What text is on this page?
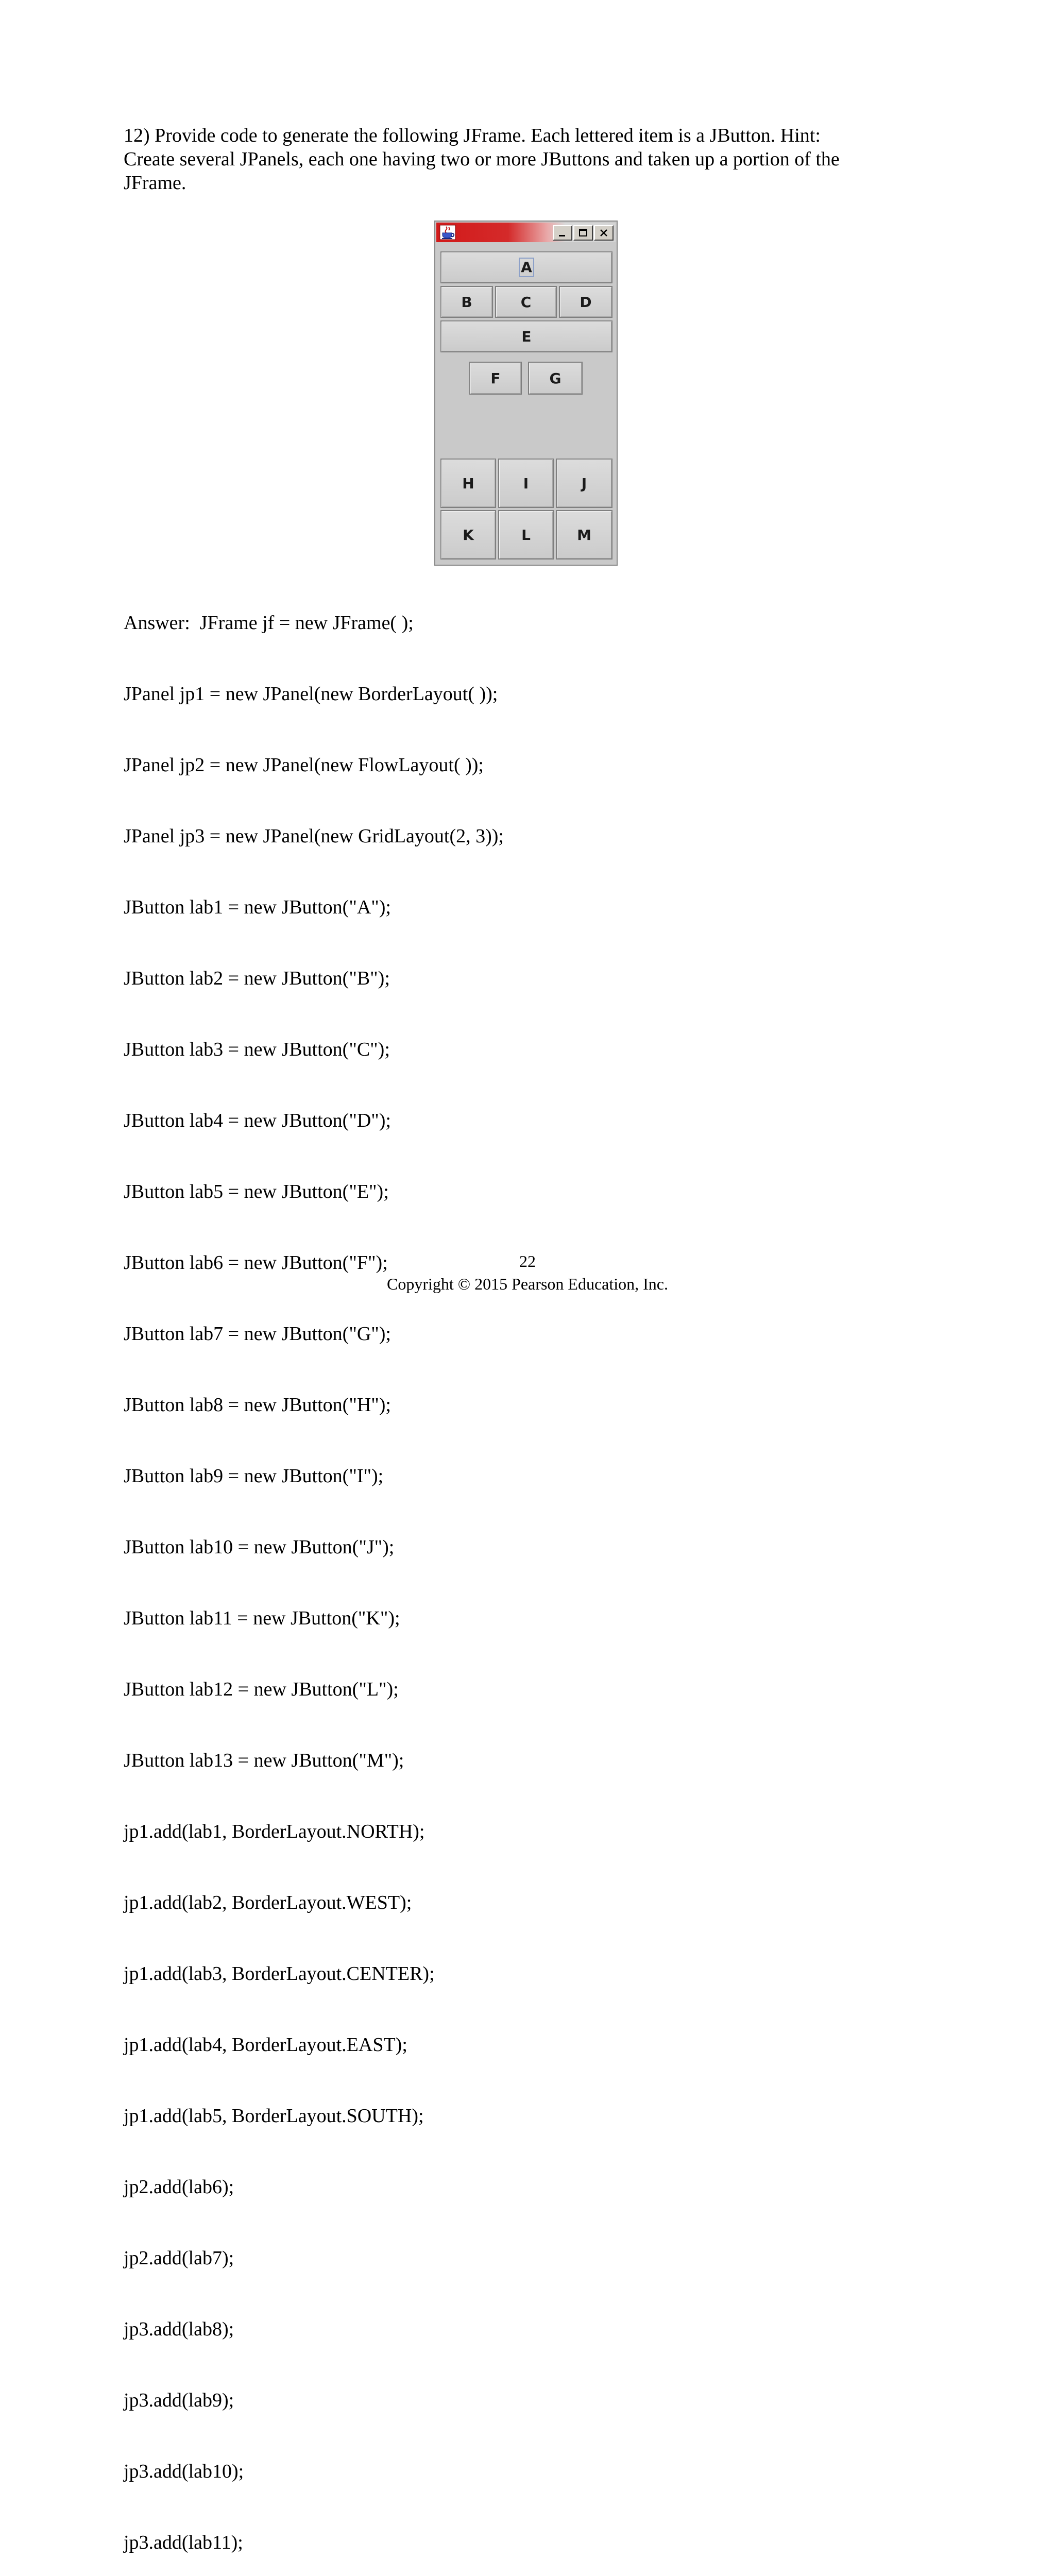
12) Provide code to generate the following JFrame. Each lettered item is a JButton. Hint:

Create several JPanels, each one having two or more JButtons and taken up a portion of the

JFrame.

A
B	C	D
E
F	G
H	I	J
K	L	M

Answer:  JFrame jf = new JFrame( );

JPanel jp1 = new JPanel(new BorderLayout( ));

JPanel jp2 = new JPanel(new FlowLayout( ));

JPanel jp3 = new JPanel(new GridLayout(2, 3));

JButton lab1 = new JButton("A");

JButton lab2 = new JButton("B");

JButton lab3 = new JButton("C");

JButton lab4 = new JButton("D");

JButton lab5 = new JButton("E");

JButton lab6 = new JButton("F");

JButton lab7 = new JButton("G");

JButton lab8 = new JButton("H");

JButton lab9 = new JButton("I");

JButton lab10 = new JButton("J");

JButton lab11 = new JButton("K");

JButton lab12 = new JButton("L");

JButton lab13 = new JButton("M");

jp1.add(lab1, BorderLayout.NORTH);

jp1.add(lab2, BorderLayout.WEST);

jp1.add(lab3, BorderLayout.CENTER);

jp1.add(lab4, BorderLayout.EAST);

jp1.add(lab5, BorderLayout.SOUTH);

jp2.add(lab6);

jp2.add(lab7);

jp3.add(lab8);

jp3.add(lab9);

jp3.add(lab10);

jp3.add(lab11);

22
Copyright © 2015 Pearson Education, Inc.
